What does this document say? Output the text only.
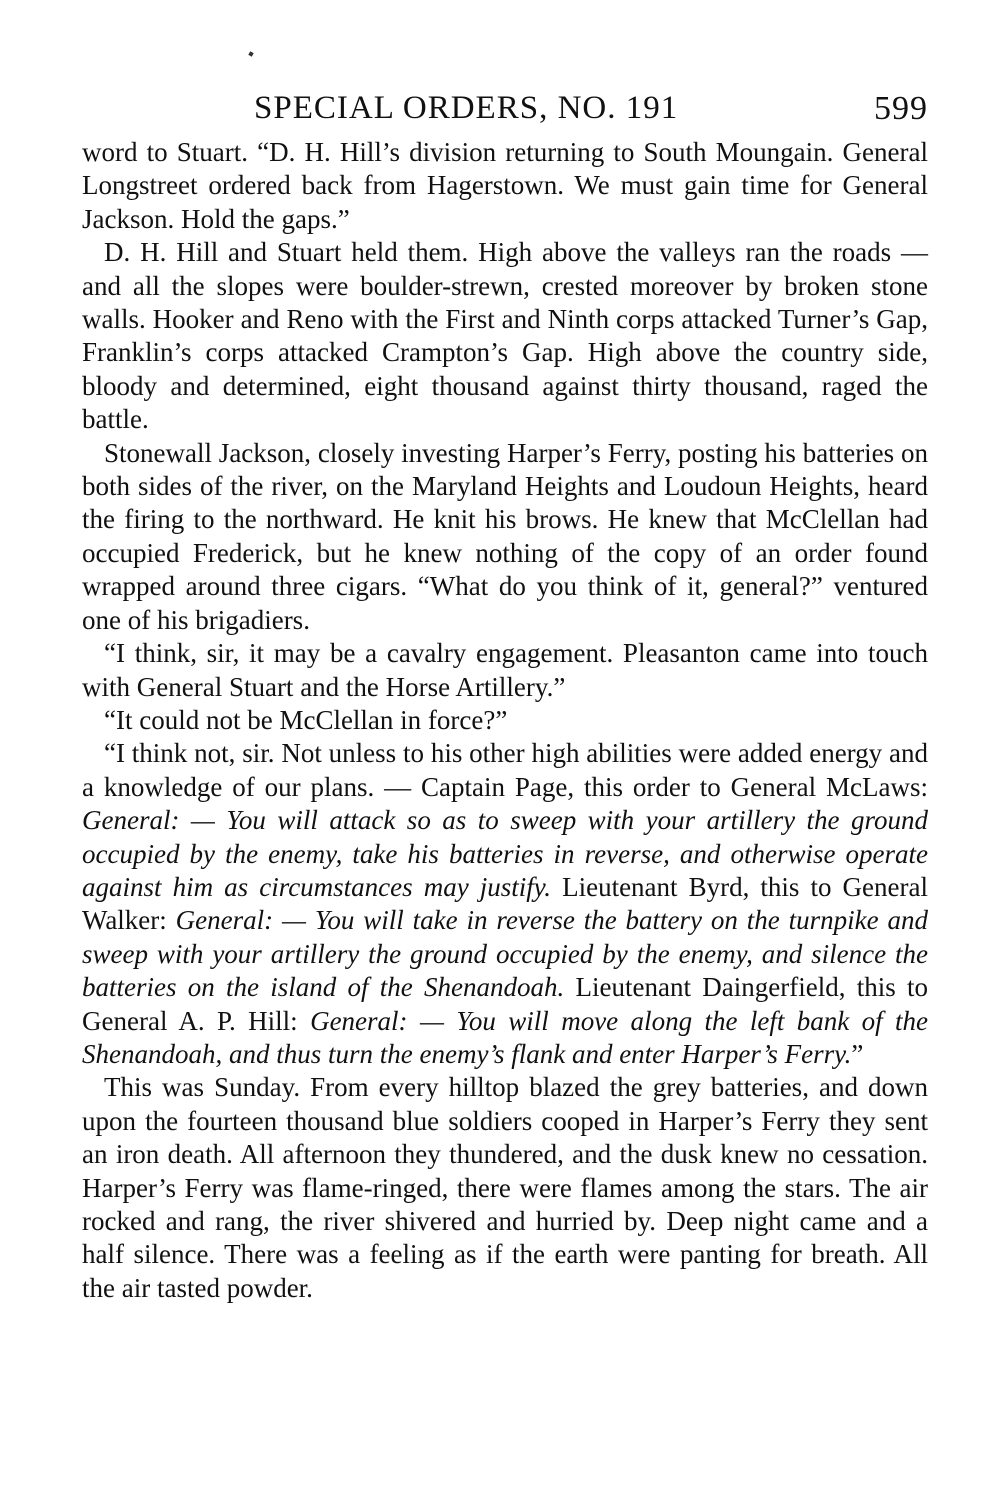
SPECIAL ORDERS, NO. 191	599

word to Stuart. “D. H. Hill’s division returning to South Moungain. General Longstreet ordered back from Hagerstown. We must gain time for General Jackson. Hold the gaps.”

D. H. Hill and Stuart held them. High above the valleys ran the roads — and all the slopes were boulder-strewn, crested moreover by broken stone walls. Hooker and Reno with the First and Ninth corps attacked Turner’s Gap, Franklin’s corps attacked Crampton’s Gap. High above the country side, bloody and determined, eight thousand against thirty thousand, raged the battle.

Stonewall Jackson, closely investing Harper’s Ferry, posting his batteries on both sides of the river, on the Maryland Heights and Loudoun Heights, heard the firing to the northward. He knit his brows. He knew that McClellan had occupied Frederick, but he knew nothing of the copy of an order found wrapped around three cigars. “What do you think of it, general?” ventured one of his brigadiers.

“I think, sir, it may be a cavalry engagement. Pleasanton came into touch with General Stuart and the Horse Artillery.”

“It could not be McClellan in force?”

“I think not, sir. Not unless to his other high abilities were added energy and a knowledge of our plans. — Captain Page, this order to General McLaws: General: — You will attack so as to sweep with your artillery the ground occupied by the enemy, take his batteries in reverse, and otherwise operate against him as circumstances may justify. Lieutenant Byrd, this to General Walker: General: — You will take in reverse the battery on the turnpike and sweep with your artillery the ground occupied by the enemy, and silence the batteries on the island of the Shenandoah. Lieutenant Daingerfield, this to General A. P. Hill: General: — You will move along the left bank of the Shenandoah, and thus turn the enemy’s flank and enter Harper’s Ferry.”

This was Sunday. From every hilltop blazed the grey batteries, and down upon the fourteen thousand blue soldiers cooped in Harper’s Ferry they sent an iron death. All afternoon they thundered, and the dusk knew no cessation. Harper’s Ferry was flame-ringed, there were flames among the stars. The air rocked and rang, the river shivered and hurried by. Deep night came and a half silence. There was a feeling as if the earth were panting for breath. All the air tasted powder.
